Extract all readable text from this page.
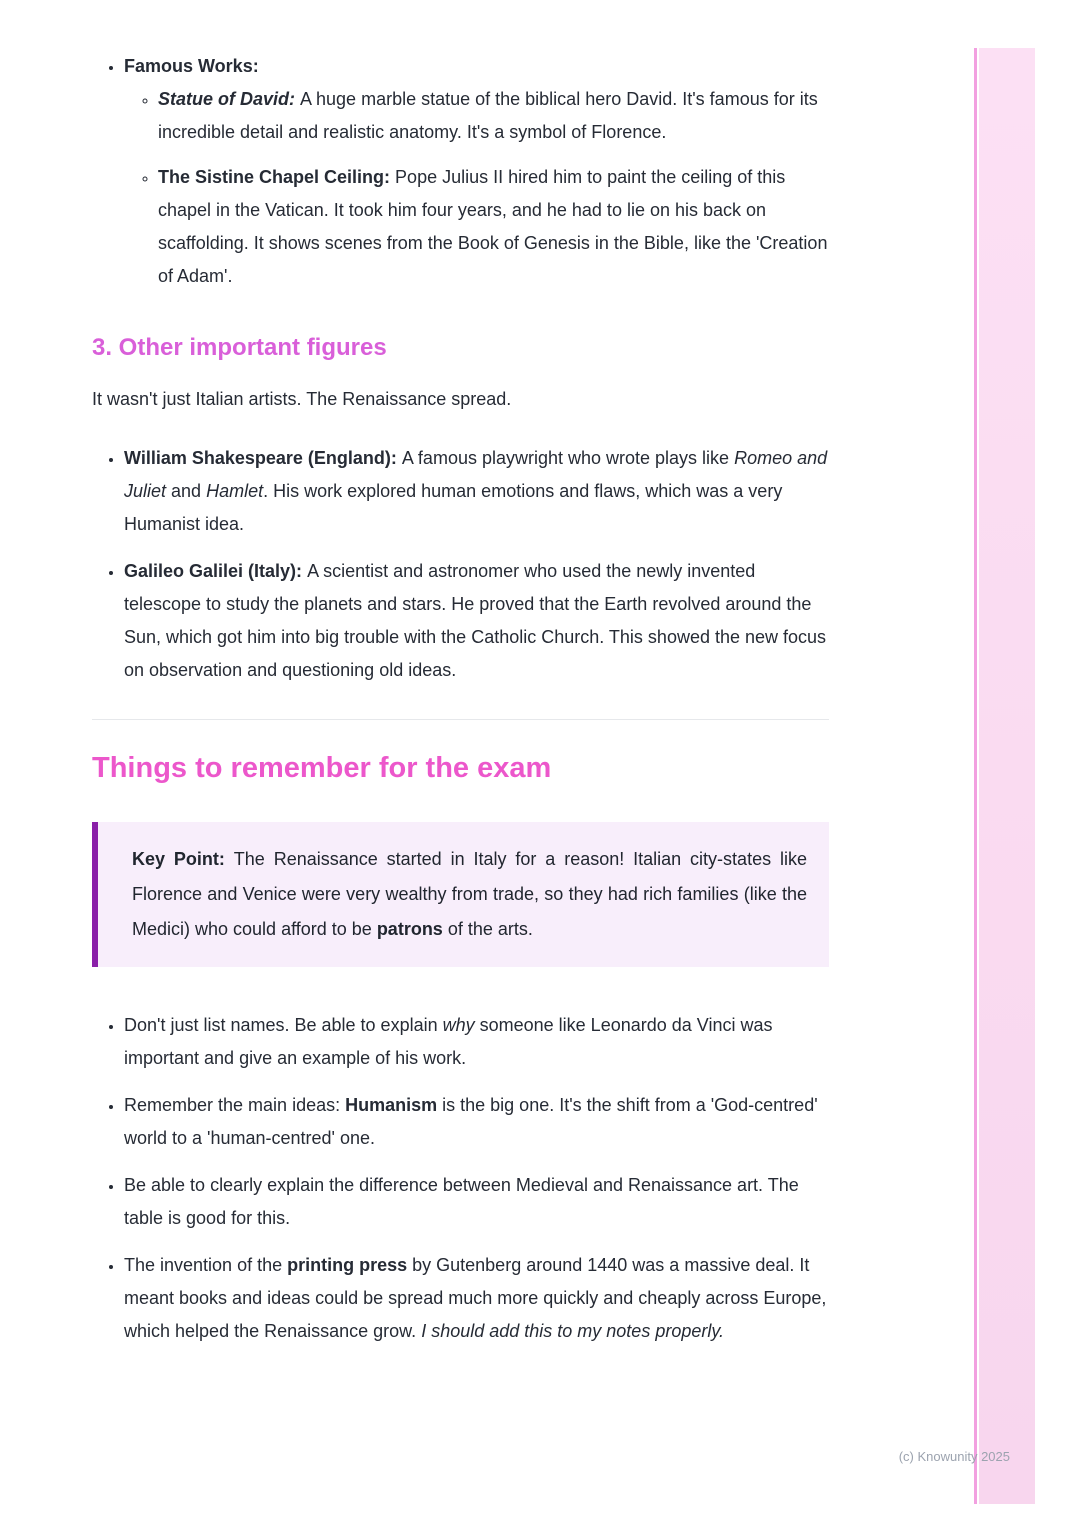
• Famous Works:
◦ Statue of David: A huge marble statue of the biblical hero David. It's famous for its incredible detail and realistic anatomy. It's a symbol of Florence.
◦ The Sistine Chapel Ceiling: Pope Julius II hired him to paint the ceiling of this chapel in the Vatican. It took him four years, and he had to lie on his back on scaffolding. It shows scenes from the Book of Genesis in the Bible, like the 'Creation of Adam'.
3. Other important figures

It wasn't just Italian artists. The Renaissance spread.

• William Shakespeare (England): A famous playwright who wrote plays like Romeo and Juliet and Hamlet. His work explored human emotions and flaws, which was a very Humanist idea.
• Galileo Galilei (Italy): A scientist and astronomer who used the newly invented telescope to study the planets and stars. He proved that the Earth revolved around the Sun, which got him into big trouble with the Catholic Church. This showed the new focus on observation and questioning old ideas.
Things to remember for the exam

Key Point: The Renaissance started in Italy for a reason! Italian city-states like Florence and Venice were very wealthy from trade, so they had rich families (like the Medici) who could afford to be patrons of the arts.

• Don't just list names. Be able to explain why someone like Leonardo da Vinci was important and give an example of his work.
• Remember the main ideas: Humanism is the big one. It's the shift from a 'God-centred' world to a 'human-centred' one.
• Be able to clearly explain the difference between Medieval and Renaissance art. The table is good for this.
• The invention of the printing press by Gutenberg around 1440 was a massive deal. It meant books and ideas could be spread much more quickly and cheaply across Europe, which helped the Renaissance grow. I should add this to my notes properly.
(c) Knowunity 2025
